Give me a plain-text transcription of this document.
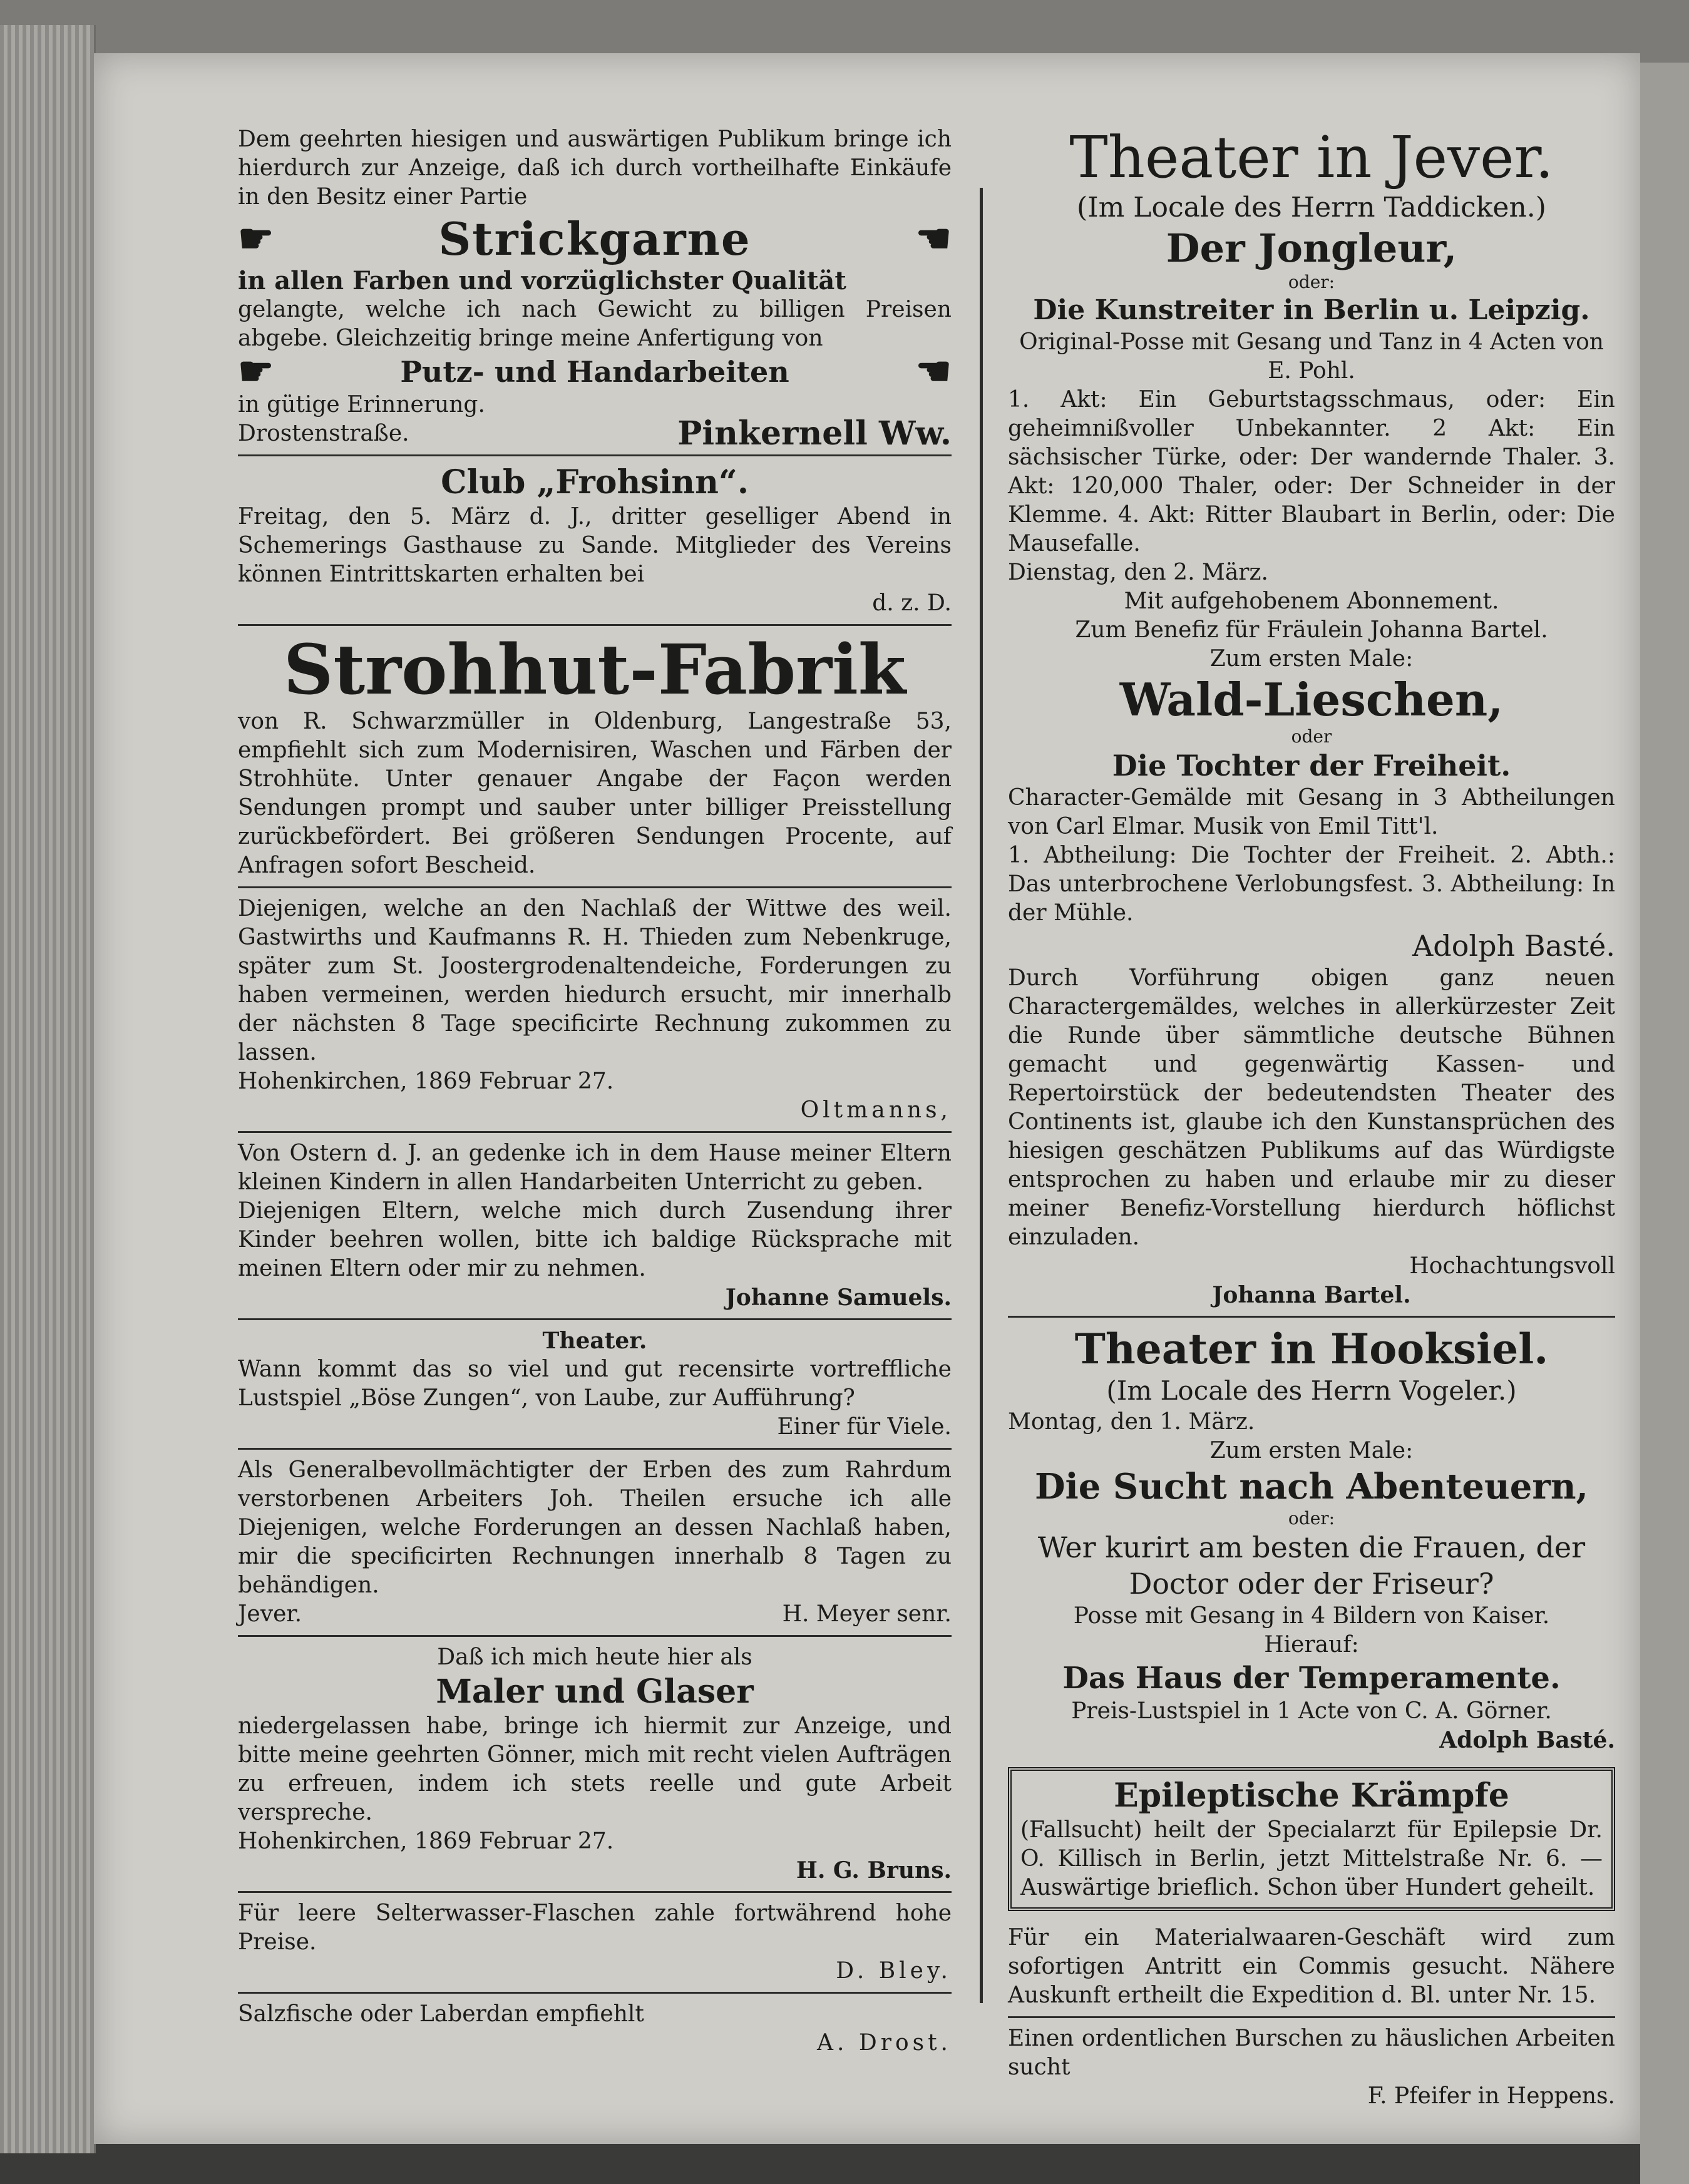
Dem geehrten hiesigen und auswärtigen Publikum bringe ich hierdurch zur Anzeige, daß ich durch vortheilhafte Einkäufe in den Besitz einer Partie

☛	Strickgarne	☚

in allen Farben und vorzüglichster Qualität

gelangte, welche ich nach Gewicht zu billigen Preisen abgebe. Gleichzeitig bringe meine Anfertigung von

☛	Putz- und Handarbeiten	☚

in gütige Erinnerung.

Drostenstraße.	Pinkernell Ww.
Club „Frohsinn“.

Freitag, den 5. März d. J., dritter geselliger Abend in Schemerings Gasthause zu Sande. Mitglieder des Vereins können Eintrittskarten erhalten bei

d. z. D.

Strohhut-Fabrik

von R. Schwarzmüller in Oldenburg, Langestraße 53, empfiehlt sich zum Modernisiren, Waschen und Färben der Strohhüte. Unter genauer Angabe der Façon werden Sendungen prompt und sauber unter billiger Preisstellung zurückbefördert. Bei größeren Sendungen Procente, auf Anfragen sofort Bescheid.

Diejenigen, welche an den Nachlaß der Wittwe des weil. Gastwirths und Kaufmanns R. H. Thieden zum Nebenkruge, später zum St. Joostergrodenaltendeiche, Forderungen zu haben vermeinen, werden hiedurch ersucht, mir innerhalb der nächsten 8 Tage specificirte Rechnung zukommen zu lassen.

Hohenkirchen, 1869 Februar 27.

Oltmanns,

Von Ostern d. J. an gedenke ich in dem Hause meiner Eltern kleinen Kindern in allen Handarbeiten Unterricht zu geben.

Diejenigen Eltern, welche mich durch Zusendung ihrer Kinder beehren wollen, bitte ich baldige Rücksprache mit meinen Eltern oder mir zu nehmen.

Johanne Samuels.

Theater.

Wann kommt das so viel und gut recensirte vortreffliche Lustspiel „Böse Zungen“, von Laube, zur Aufführung?

Einer für Viele.

Als Generalbevollmächtigter der Erben des zum Rahrdum verstorbenen Arbeiters Joh. Theilen ersuche ich alle Diejenigen, welche Forderungen an dessen Nachlaß haben, mir die specificirten Rechnungen innerhalb 8 Tagen zu behändigen.

Jever.	H. Meyer senr.

Daß ich mich heute hier als

Maler und Glaser

niedergelassen habe, bringe ich hiermit zur Anzeige, und bitte meine geehrten Gönner, mich mit recht vielen Aufträgen zu erfreuen, indem ich stets reelle und gute Arbeit verspreche.

Hohenkirchen, 1869 Februar 27.

H. G. Bruns.

Für leere Selterwasser-Flaschen zahle fortwährend hohe Preise.

D. Bley.

Salzfische oder Laberdan empfiehlt

A. Drost.

Theater in Jever.

(Im Locale des Herrn Taddicken.)

Der Jongleur,

oder:

Die Kunstreiter in Berlin u. Leipzig.

Original-Posse mit Gesang und Tanz in 4 Acten von E. Pohl.

1. Akt: Ein Geburtstagsschmaus, oder: Ein geheimnißvoller Unbekannter. 2 Akt: Ein sächsischer Türke, oder: Der wandernde Thaler. 3. Akt: 120,000 Thaler, oder: Der Schneider in der Klemme. 4. Akt: Ritter Blaubart in Berlin, oder: Die Mausefalle.

Dienstag, den 2. März.

Mit aufgehobenem Abonnement.

Zum Benefiz für Fräulein Johanna Bartel.

Zum ersten Male:

Wald-Lieschen,

oder

Die Tochter der Freiheit.

Character-Gemälde mit Gesang in 3 Abtheilungen von Carl Elmar. Musik von Emil Titt'l.

1. Abtheilung: Die Tochter der Freiheit. 2. Abth.: Das unterbrochene Verlobungsfest. 3. Abtheilung: In der Mühle.

Adolph Basté.

Durch Vorführung obigen ganz neuen Charactergemäldes, welches in allerkürzester Zeit die Runde über sämmtliche deutsche Bühnen gemacht und gegenwärtig Kassen- und Repertoirstück der bedeutendsten Theater des Continents ist, glaube ich den Kunstansprüchen des hiesigen geschätzen Publikums auf das Würdigste entsprochen zu haben und erlaube mir zu dieser meiner Benefiz-Vorstellung hierdurch höflichst einzuladen.

Hochachtungsvoll

Johanna Bartel.

Theater in Hooksiel.

(Im Locale des Herrn Vogeler.)

Montag, den 1. März.

Zum ersten Male:

Die Sucht nach Abenteuern,

oder:

Wer kurirt am besten die Frauen, der Doctor oder der Friseur?

Posse mit Gesang in 4 Bildern von Kaiser.

Hierauf:

Das Haus der Temperamente.

Preis-Lustspiel in 1 Acte von C. A. Görner.

Adolph Basté.

Epileptische Krämpfe

(Fallsucht) heilt der Specialarzt für Epilepsie Dr. O. Killisch in Berlin, jetzt Mittelstraße Nr. 6. — Auswärtige brieflich. Schon über Hundert geheilt.

Für ein Materialwaaren-Geschäft wird zum sofortigen Antritt ein Commis gesucht. Nähere Auskunft ertheilt die Expedition d. Bl. unter Nr. 15.

Einen ordentlichen Burschen zu häuslichen Arbeiten sucht

F. Pfeifer in Heppens.
